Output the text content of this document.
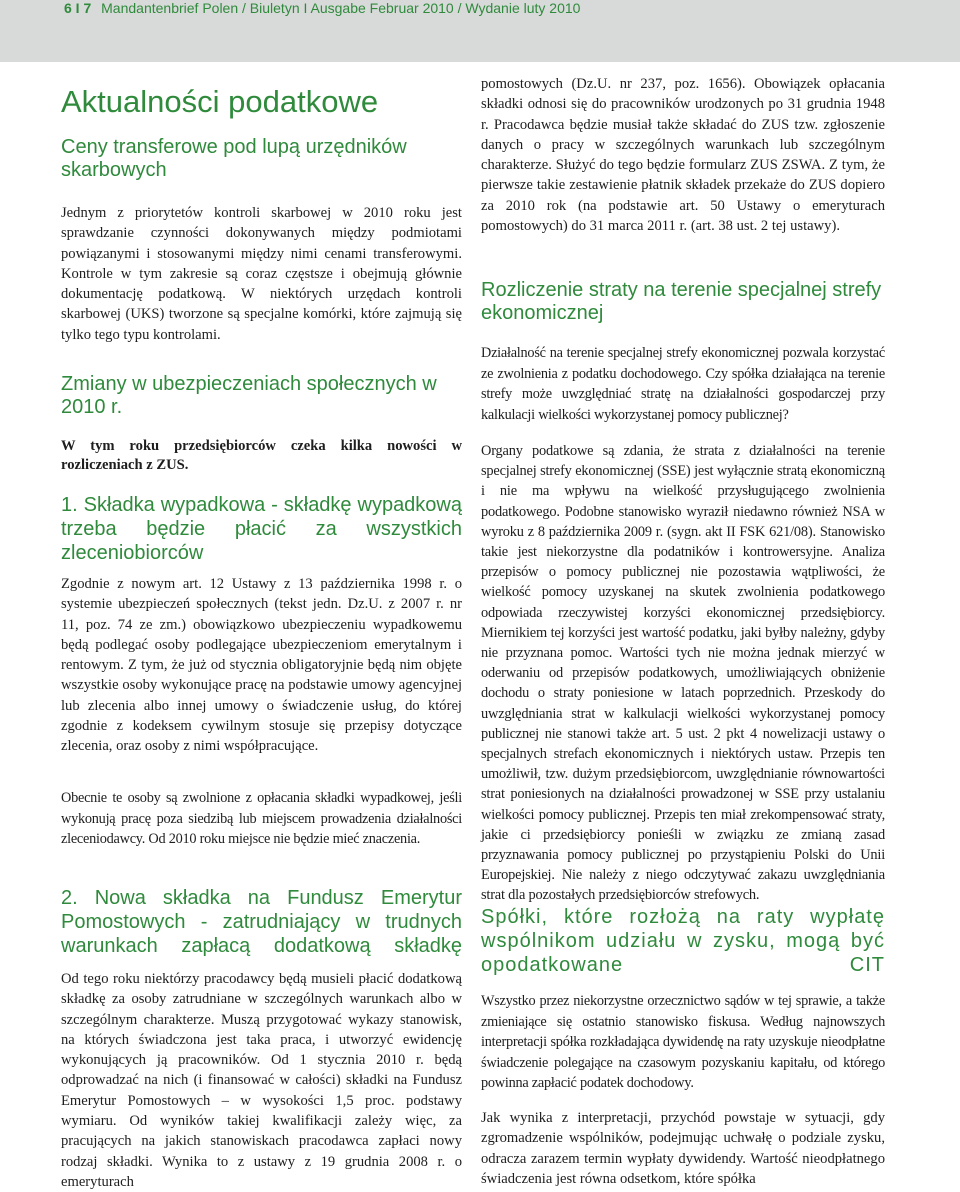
6 I 7 Mandantenbrief Polen / Biuletyn I Ausgabe Februar 2010 / Wydanie luty 2010
Aktualności podatkowe
Ceny transferowe pod lupą urzędników skarbowych

Jednym z priorytetów kontroli skarbowej w 2010 roku jest sprawdzanie czynności dokonywanych między podmiotami powiązanymi i stosowanymi między nimi cenami transferowymi. Kontrole w tym zakresie są coraz częstsze i obejmują głównie dokumentację podatkową. W niektórych urzędach kontroli skarbowej (UKS) tworzone są specjalne komórki, które zajmują się tylko tego typu kontrolami.

Zmiany w ubezpieczeniach społecznych w 2010 r.

W tym roku przedsiębiorców czeka kilka nowości w rozliczeniach z ZUS.

1. Składka wypadkowa - składkę wypadkową trzeba będzie płacić za wszystkich zleceniobiorców

Zgodnie z nowym art. 12 Ustawy z 13 października 1998 r. o systemie ubezpieczeń społecznych (tekst jedn. Dz.U. z 2007 r. nr 11, poz. 74 ze zm.) obowiązkowo ubezpieczeniu wypadkowemu będą podlegać osoby podlegające ubezpieczeniom emerytalnym i rentowym. Z tym, że już od stycznia obligatoryjnie będą nim objęte wszystkie osoby wykonujące pracę na podstawie umowy agencyjnej lub zlecenia albo innej umowy o świadczenie usług, do której zgodnie z kodeksem cywilnym stosuje się przepisy dotyczące zlecenia, oraz osoby z nimi współpracujące.

Obecnie te osoby są zwolnione z opłacania składki wypadkowej, jeśli wykonują pracę poza siedzibą lub miejscem prowadzenia działalności zleceniodawcy. Od 2010 roku miejsce nie będzie mieć znaczenia.

2. Nowa składka na Fundusz Emerytur Pomostowych - zatrudniający w trudnych warunkach zapłacą dodatkową składkę

Od tego roku niektórzy pracodawcy będą musieli płacić dodatkową składkę za osoby zatrudniane w szczególnych warunkach albo w szczególnym charakterze. Muszą przygotować wykazy stanowisk, na których świadczona jest taka praca, i utworzyć ewidencję wykonujących ją pracowników. Od 1 stycznia 2010 r. będą odprowadzać na nich (i finansować w całości) składki na Fundusz Emerytur Pomostowych – w wysokości 1,5 proc. podstawy wymiaru. Od wyników takiej kwalifikacji zależy więc, za pracujących na jakich stanowiskach pracodawca zapłaci nowy rodzaj składki. Wynika to z ustawy z 19 grudnia 2008 r. o emeryturach

pomostowych (Dz.U. nr 237, poz. 1656). Obowiązek opłacania składki odnosi się do pracowników urodzonych po 31 grudnia 1948 r. Pracodawca będzie musiał także składać do ZUS tzw. zgłoszenie danych o pracy w szczególnych warunkach lub szczególnym charakterze. Służyć do tego będzie formularz ZUS ZSWA. Z tym, że pierwsze takie zestawienie płatnik składek przekaże do ZUS dopiero za 2010 rok (na podstawie art. 50 Ustawy o emeryturach pomostowych) do 31 marca 2011 r. (art. 38 ust. 2 tej ustawy).

Rozliczenie straty na terenie specjalnej strefy ekonomicznej

Działalność na terenie specjalnej strefy ekonomicznej pozwala korzystać ze zwolnienia z podatku dochodowego. Czy spółka działająca na terenie strefy może uwzględniać stratę na działalności gospodarczej przy kalkulacji wielkości wykorzystanej pomocy publicznej?

Organy podatkowe są zdania, że strata z działalności na terenie specjalnej strefy ekonomicznej (SSE) jest wyłącznie stratą ekonomiczną i nie ma wpływu na wielkość przysługującego zwolnienia podatkowego. Podobne stanowisko wyraził niedawno również NSA w wyroku z 8 października 2009 r. (sygn. akt II FSK 621/08). Stanowisko takie jest niekorzystne dla podatników i kontrowersyjne. Analiza przepisów o pomocy publicznej nie pozostawia wątpliwości, że wielkość pomocy uzyskanej na skutek zwolnienia podatkowego odpowiada rzeczywistej korzyści ekonomicznej przedsiębiorcy. Miernikiem tej korzyści jest wartość podatku, jaki byłby należny, gdyby nie przyznana pomoc. Wartości tych nie można jednak mierzyć w oderwaniu od przepisów podatkowych, umożliwiających obniżenie dochodu o straty poniesione w latach poprzednich. Przeskody do uwzględniania strat w kalkulacji wielkości wykorzystanej pomocy publicznej nie stanowi także art. 5 ust. 2 pkt 4 nowelizacji ustawy o specjalnych strefach ekonomicznych i niektórych ustaw. Przepis ten umożliwił, tzw. dużym przedsiębiorcom, uwzględnianie równowartości strat poniesionych na działalności prowadzonej w SSE przy ustalaniu wielkości pomocy publicznej. Przepis ten miał zrekompensować straty, jakie ci przedsiębiorcy ponieśli w związku ze zmianą zasad przyznawania pomocy publicznej po przystąpieniu Polski do Unii Europejskiej. Nie należy z niego odczytywać zakazu uwzględniania strat dla pozostałych przedsiębiorców strefowych.

Spółki, które rozłożą na raty wypłatę wspólnikom udziału w zysku, mogą być opodatkowane CIT

Wszystko przez niekorzystne orzecznictwo sądów w tej sprawie, a także zmieniające się ostatnio stanowisko fiskusa. Według najnowszych interpretacji spółka rozkładająca dywidendę na raty uzyskuje nieodpłatne świadczenie polegające na czasowym pozyskaniu kapitału, od którego powinna zapłacić podatek dochodowy.

Jak wynika z interpretacji, przychód powstaje w sytuacji, gdy zgromadzenie wspólników, podejmując uchwałę o podziale zysku, odracza zarazem termin wypłaty dywidendy. Wartość nieodpłatnego świadczenia jest równa odsetkom, które spółka
